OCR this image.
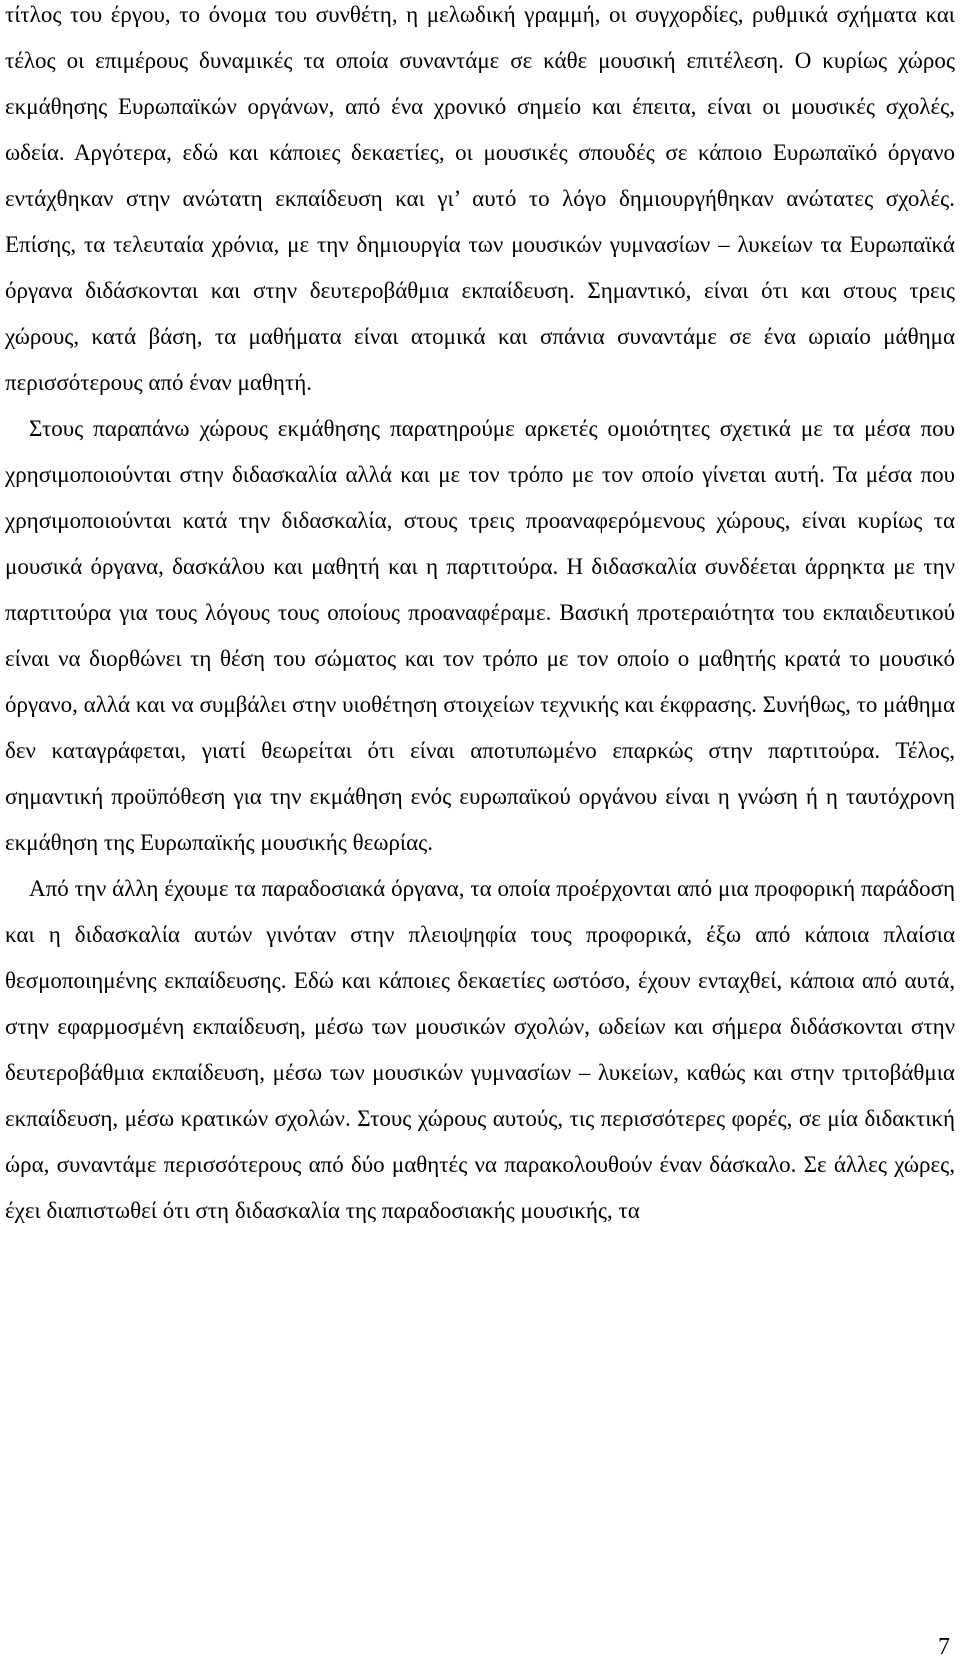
τίτλος του έργου, το όνομα του συνθέτη, η μελωδική γραμμή, οι συγχορδίες, ρυθμικά σχήματα και τέλος οι επιμέρους δυναμικές τα οποία συναντάμε σε κάθε μουσική επιτέλεση. Ο κυρίως χώρος εκμάθησης Ευρωπαϊκών οργάνων, από ένα χρονικό σημείο και έπειτα, είναι οι μουσικές σχολές, ωδεία. Αργότερα, εδώ και κάποιες δεκαετίες, οι μουσικές σπουδές σε κάποιο Ευρωπαϊκό όργανο εντάχθηκαν στην ανώτατη εκπαίδευση και γι’ αυτό το λόγο δημιουργήθηκαν ανώτατες σχολές. Επίσης, τα τελευταία χρόνια, με την δημιουργία των μουσικών γυμνασίων – λυκείων τα Ευρωπαϊκά όργανα διδάσκονται και στην δευτεροβάθμια εκπαίδευση. Σημαντικό, είναι ότι και στους τρεις χώρους, κατά βάση, τα μαθήματα είναι ατομικά και σπάνια συναντάμε σε ένα ωριαίο μάθημα περισσότερους από έναν μαθητή.

Στους παραπάνω χώρους εκμάθησης παρατηρούμε αρκετές ομοιότητες σχετικά με τα μέσα που χρησιμοποιούνται στην διδασκαλία αλλά και με τον τρόπο με τον οποίο γίνεται αυτή. Τα μέσα που χρησιμοποιούνται κατά την διδασκαλία, στους τρεις προαναφερόμενους χώρους, είναι κυρίως τα μουσικά όργανα, δασκάλου και μαθητή και η παρτιτούρα. Η διδασκαλία συνδέεται άρρηκτα με την παρτιτούρα για τους λόγους τους οποίους προαναφέραμε. Βασική προτεραιότητα του εκπαιδευτικού είναι να διορθώνει τη θέση του σώματος και τον τρόπο με τον οποίο ο μαθητής κρατά το μουσικό όργανο, αλλά και να συμβάλει στην υιοθέτηση στοιχείων τεχνικής και έκφρασης. Συνήθως, το μάθημα δεν καταγράφεται, γιατί θεωρείται ότι είναι αποτυπωμένο επαρκώς στην παρτιτούρα. Τέλος, σημαντική προϋπόθεση για την εκμάθηση ενός ευρωπαϊκού οργάνου είναι η γνώση ή η ταυτόχρονη εκμάθηση της Ευρωπαϊκής μουσικής θεωρίας.

Από την άλλη έχουμε τα παραδοσιακά όργανα, τα οποία προέρχονται από μια προφορική παράδοση και η διδασκαλία αυτών γινόταν στην πλειοψηφία τους προφορικά, έξω από κάποια πλαίσια θεσμοποιημένης εκπαίδευσης. Εδώ και κάποιες δεκαετίες ωστόσο, έχουν ενταχθεί, κάποια από αυτά, στην εφαρμοσμένη εκπαίδευση, μέσω των μουσικών σχολών, ωδείων και σήμερα διδάσκονται στην δευτεροβάθμια εκπαίδευση, μέσω των μουσικών γυμνασίων – λυκείων, καθώς και στην τριτοβάθμια εκπαίδευση, μέσω κρατικών σχολών. Στους χώρους αυτούς, τις περισσότερες φορές, σε μία διδακτική ώρα, συναντάμε περισσότερους από δύο μαθητές να παρακολουθούν έναν δάσκαλο. Σε άλλες χώρες, έχει διαπιστωθεί ότι στη διδασκαλία της παραδοσιακής μουσικής, τα

7
